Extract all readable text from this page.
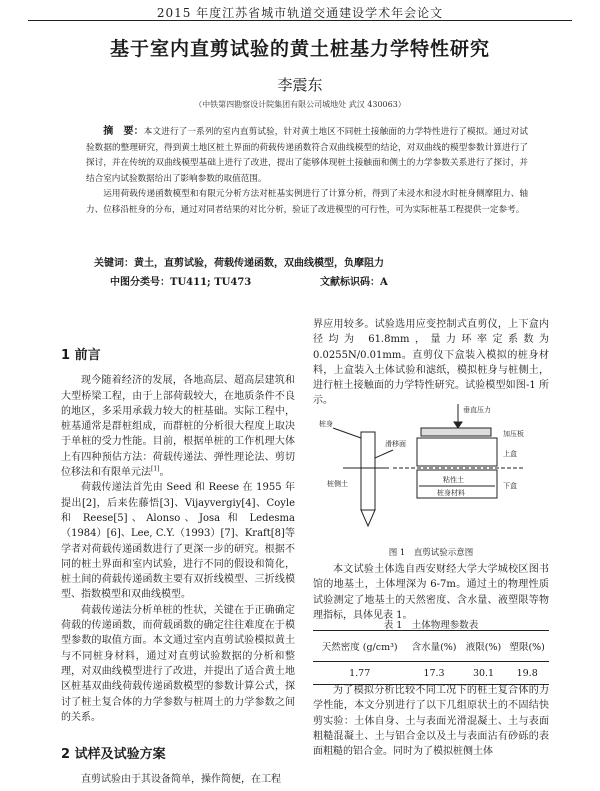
2015 年度江苏省城市轨道交通建设学术年会论文
基于室内直剪试验的黄土桩基力学特性研究
李震东
（中铁第四勘察设计院集团有限公司城地处 武汉 430063）

摘　要：本文进行了一系列的室内直剪试验，针对黄土地区不同桩土接触面的力学特性进行了模拟。通过对试验数据的整理研究，得到黄土地区桩土界面的荷载传递函数符合双曲线模型的结论，对双曲线的模型参数计算进行了探讨，并在传统的双曲线模型基础上进行了改进，提出了能够体现桩土接触面和侧土的力学参数关系进行了探讨，并结合室内试验数据给出了影响参数的取值范围。

运用荷载传递函数模型和有限元分析方法对桩基实例进行了计算分析，得到了未浸水和浸水时桩身侧摩阻力、轴力、位移沿桩身的分布，通过对同者结果的对比分析，验证了改进模型的可行性，可为实际桩基工程提供一定参考。

关键词：黄土，直剪试验，荷载传递函数，双曲线模型，负摩阻力
中图分类号：TU411; TU473	文献标识码：A
1 前言

现今随着经济的发展，各地高层、超高层建筑和大型桥梁工程，由于上部荷载较大，在地质条件不良的地区，多采用承载力较大的桩基础。实际工程中，桩基通常是群桩组成，而群桩的分析很大程度上取决于单桩的受力性能。目前，根据单桩的工作机理大体上有四种预估方法：荷载传递法、弹性理论法、剪切位移法和有限单元法[1]。

荷载传递法首先由 Seed 和 Reese 在 1955 年提出[2]，后来佐藤悟[3]、Vijayvergiy[4]、Coyle 和 Reese[5]、Alonso、Josa 和 Ledesma（1984）[6]、Lee, C.Y.（1993）[7]、Kraft[8]等学者对荷载传递函数进行了更深一步的研究。根据不同的桩土界面和室内试验，进行不同的假设和简化，桩土间的荷载传递函数主要有双折线模型、三折线模型、指数模型和双曲线模型。

荷载传递法分析单桩的性状，关键在于正确确定荷载的传递函数，而荷载函数的确定往往难度在于模型参数的取值方面。本文通过室内直剪试验模拟黄土与不同桩身材料，通过对直剪试验数据的分析和整理，对双曲线模型进行了改进，并提出了适合黄土地区桩基双曲线荷载传递函数模型的参数计算公式，探讨了桩土复合体的力学参数与桩周土的力学参数之间的关系。

2 试样及试验方案

直剪试验由于其设备简单，操作简便，在工程

界应用较多。试验选用应变控制式直剪仪，上下盒内径均为 61.8mm，量力环率定系数为 0.0255N/0.01mm。直剪仪下盒装入模拟的桩身材料，上盒装入土体试验和滤纸，模拟桩身与桩侧土，进行桩土接触面的力学特性研究。试验模型如图-1 所示。

垂直压力
加压板
桩身
滑移面
桩侧土
上盒
下盒
粘性土
桩身材料
图 1　直剪试验示意图

本文试验土体选自西安财经大学大学城校区图书馆的地基土，土体埋深为 6-7m。通过土的物理性质试验测定了地基土的天然密度、含水量、液塑限等物理指标，具体见表 1。

表 1　土体物理参数表
天然密度 (g/cm³)	含水量(%)	液限(%)	塑限(%)
1.77	17.3	30.1	19.8

为了模拟分析比较不同工况下的桩土复合体的力学性能，本文分别进行了以下几组原状土的不固结快剪实验：土体自身、土与表面光滑混凝土、土与表面粗糙混凝土、土与铝合金以及土与表面沾有砂砾的表面粗糙的铝合金。同时为了模拟桩侧土体
